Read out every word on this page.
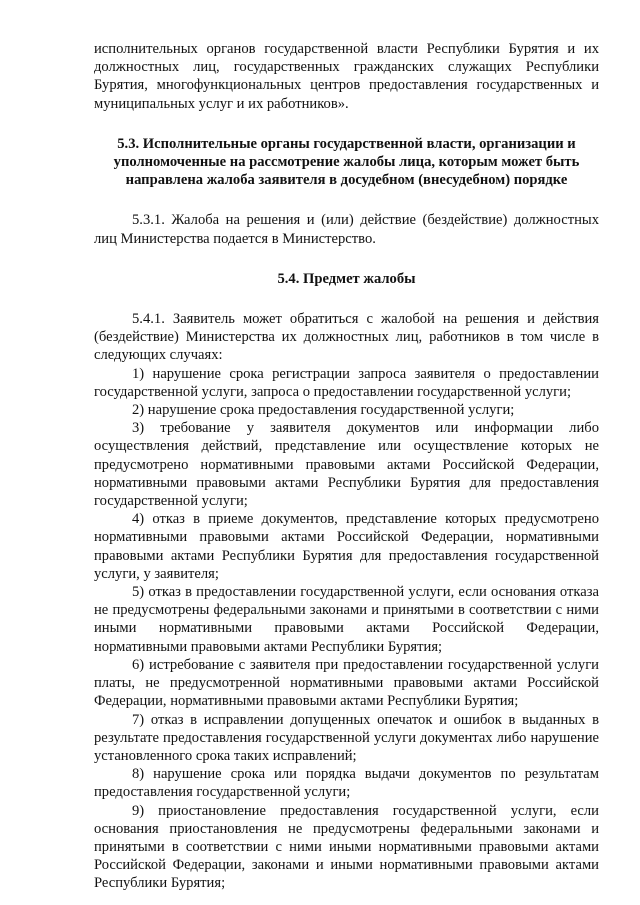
исполнительных органов государственной власти Республики Бурятия и их должностных лиц, государственных гражданских служащих Республики Бурятия, многофункциональных центров предоставления государственных и муниципальных услуг и их работников».

5.3. Исполнительные органы государственной власти, организации и уполномоченные на рассмотрение жалобы лица, которым может быть направлена жалоба заявителя в досудебном (внесудебном) порядке

5.3.1. Жалоба на решения и (или) действие (бездействие) должностных лиц Министерства подается в Министерство.

5.4. Предмет жалобы

5.4.1. Заявитель может обратиться с жалобой на решения и действия (бездействие) Министерства их должностных лиц, работников в том числе в следующих случаях:

1) нарушение срока регистрации запроса заявителя о предоставлении государственной услуги, запроса о предоставлении государственной услуги;

2) нарушение срока предоставления государственной услуги;

3) требование у заявителя документов или информации либо осуществления действий, представление или осуществление которых не предусмотрено нормативными правовыми актами Российской Федерации, нормативными правовыми актами Республики Бурятия для предоставления государственной услуги;

4) отказ в приеме документов, представление которых предусмотрено нормативными правовыми актами Российской Федерации, нормативными правовыми актами Республики Бурятия для предоставления государственной услуги, у заявителя;

5) отказ в предоставлении государственной услуги, если основания отказа не предусмотрены федеральными законами и принятыми в соответствии с ними иными нормативными правовыми актами Российской Федерации, нормативными правовыми актами Республики Бурятия;

6) истребование с заявителя при предоставлении государственной услуги платы, не предусмотренной нормативными правовыми актами Российской Федерации, нормативными правовыми актами Республики Бурятия;

7) отказ в исправлении допущенных опечаток и ошибок в выданных в результате предоставления государственной услуги документах либо нарушение установленного срока таких исправлений;

8) нарушение срока или порядка выдачи документов по результатам предоставления государственной услуги;

9) приостановление предоставления государственной услуги, если основания приостановления не предусмотрены федеральными законами и принятыми в соответствии с ними иными нормативными правовыми актами Российской Федерации, законами и иными нормативными правовыми актами Республики Бурятия;
